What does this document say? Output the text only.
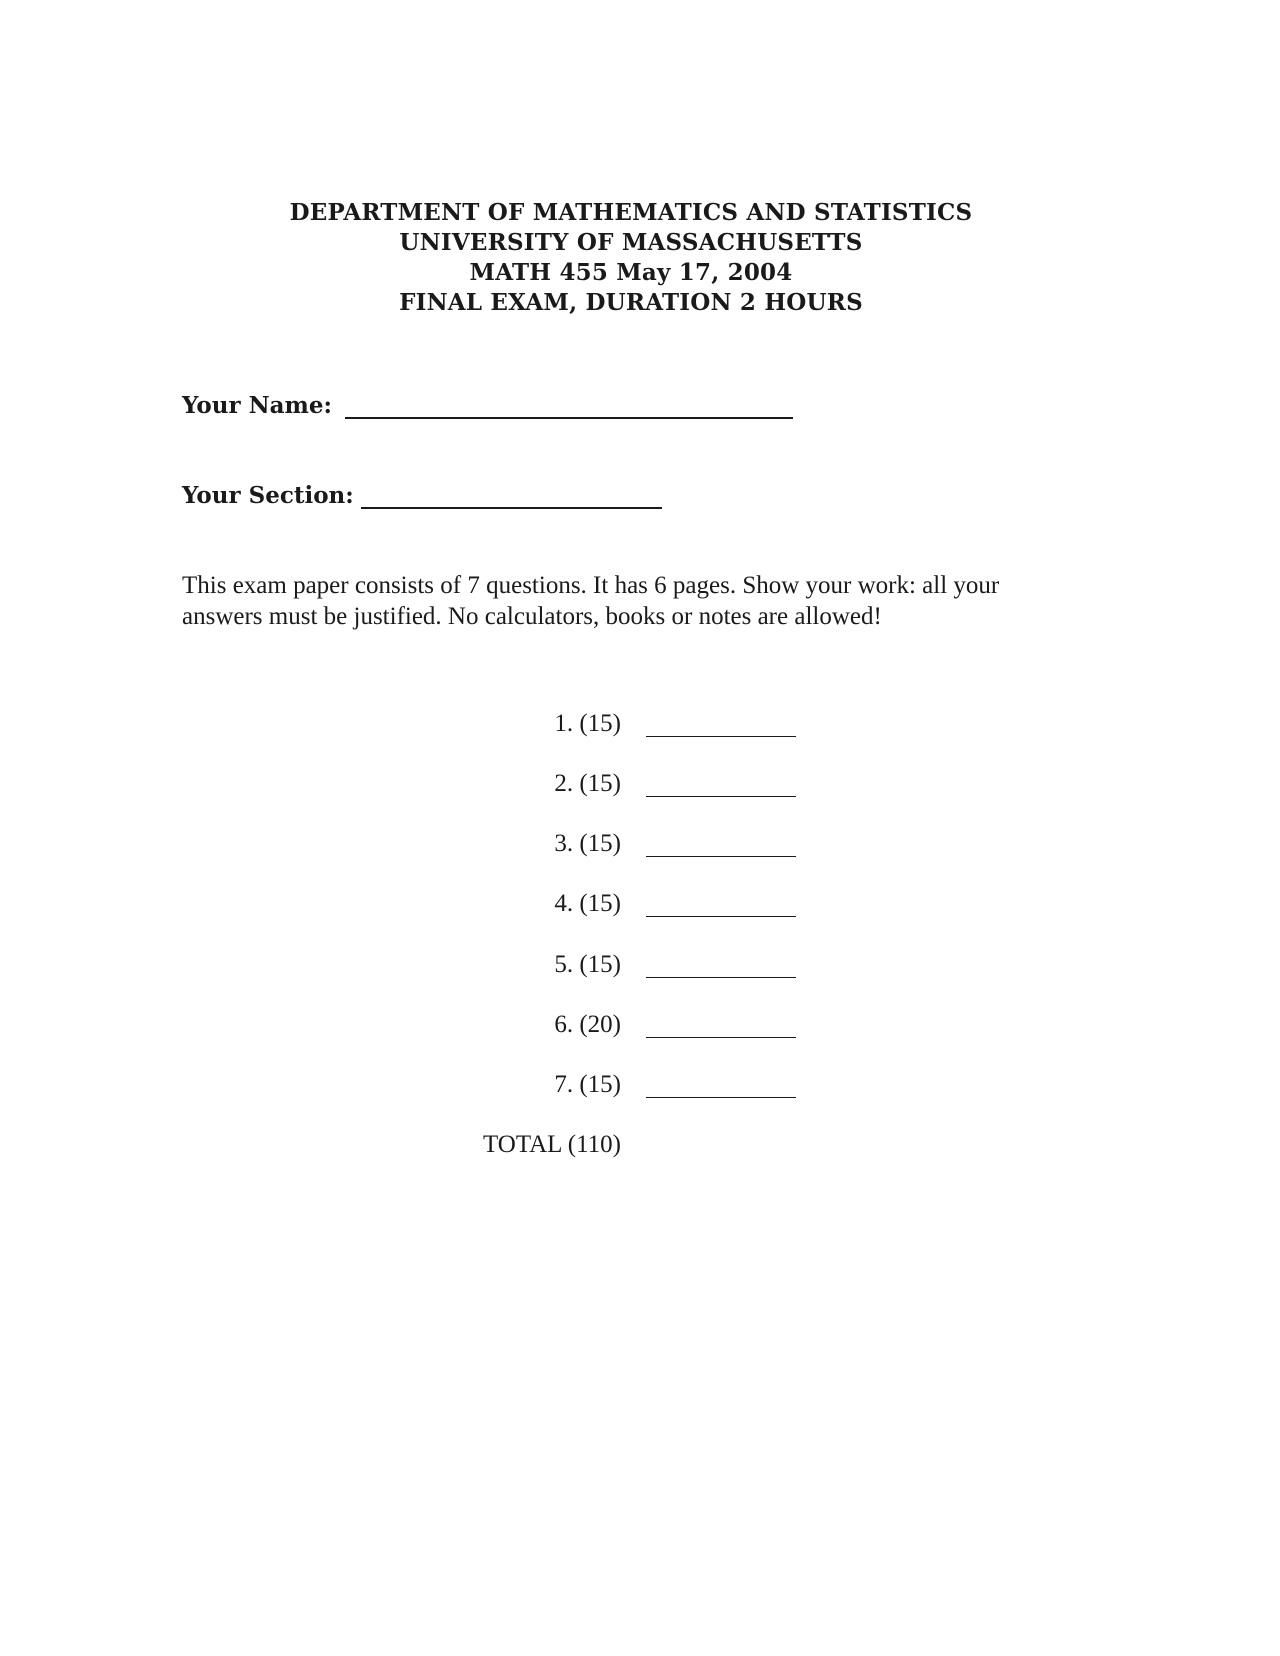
DEPARTMENT OF MATHEMATICS AND STATISTICS
UNIVERSITY OF MASSACHUSETTS
MATH 455 May 17, 2004
FINAL EXAM, DURATION 2 HOURS
Your Name:
Your Section:
This exam paper consists of 7 questions. It has 6 pages. Show your work: all your answers must be justified. No calculators, books or notes are allowed!
1. (15)
2. (15)
3. (15)
4. (15)
5. (15)
6. (20)
7. (15)
TOTAL (110)
